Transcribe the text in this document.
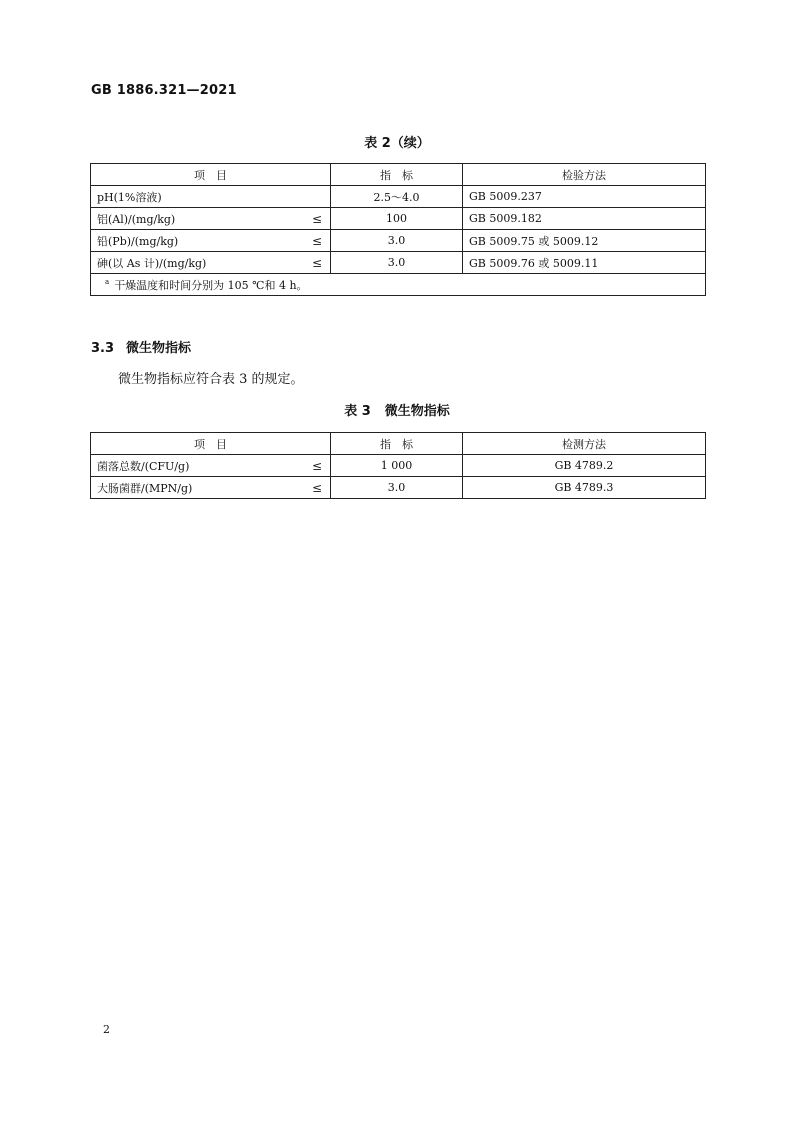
GB 1886.321—2021
表 2（续）
项　目	指　标	检验方法
pH(1%溶液)	2.5～4.0	GB 5009.237
铝(Al)/(mg/kg) ≤	100	GB 5009.182
铅(Pb)/(mg/kg) ≤	3.0	GB 5009.75 或 5009.12
砷(以 As 计)/(mg/kg) ≤	3.0	GB 5009.76 或 5009.11
$^a$ 干燥温度和时间分别为 105 ℃和 4 h。		
3.3 微生物指标
微生物指标应符合表 3 的规定。
表 3 微生物指标
项　目	指　标	检测方法
菌落总数/(CFU/g) ≤	1 000	GB 4789.2
大肠菌群/(MPN/g) ≤	3.0	GB 4789.3
2
